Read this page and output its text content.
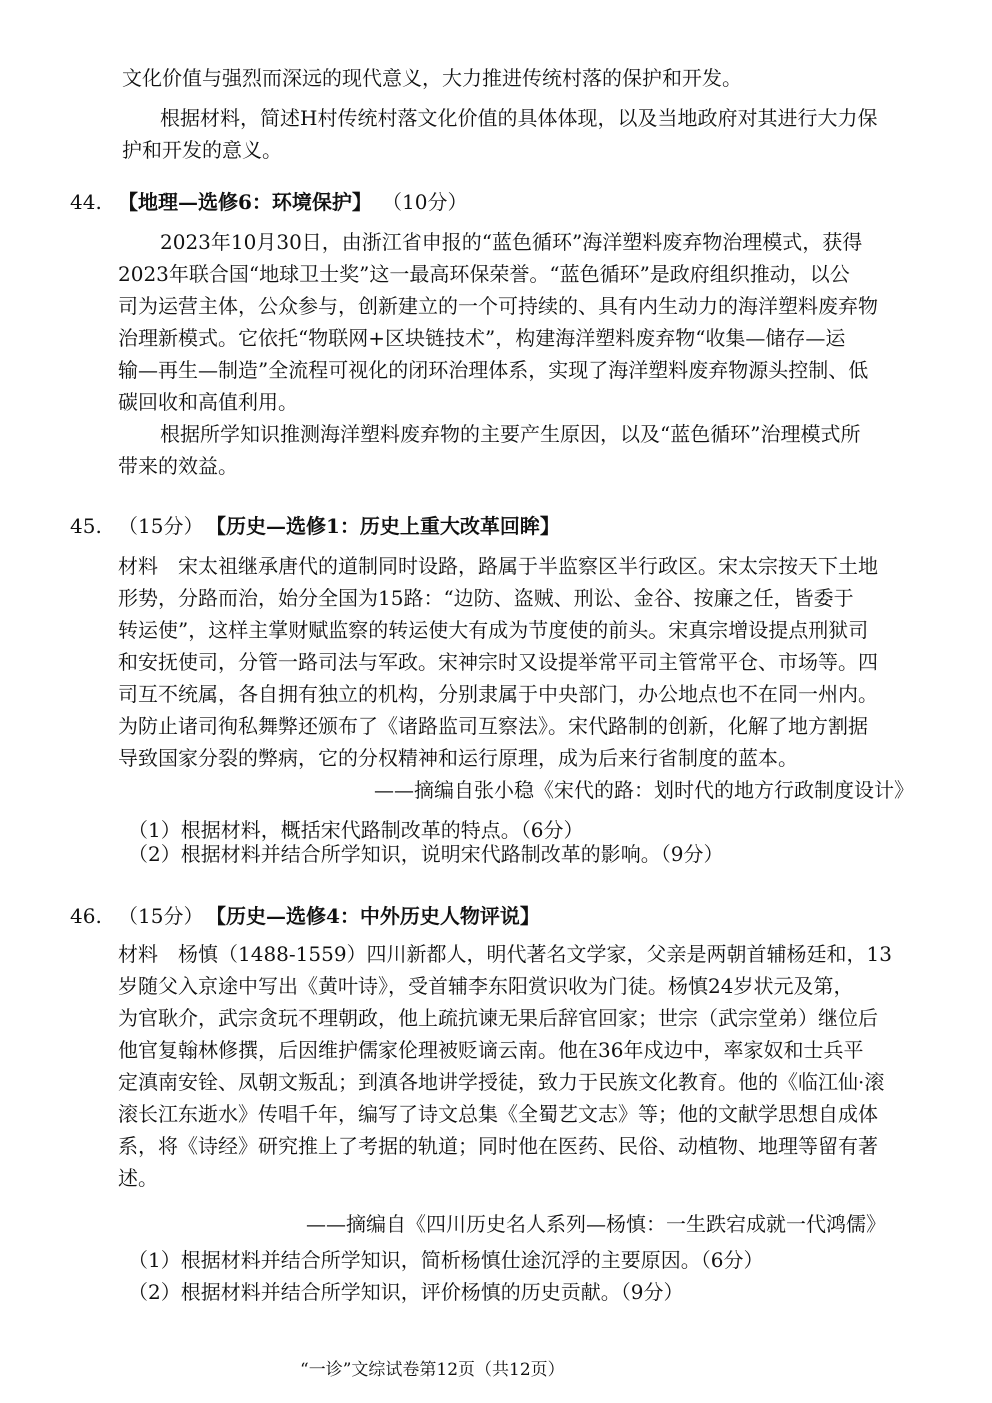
文化价值与强烈而深远的现代意义，大力推进传统村落的保护和开发。
根据材料，简述H村传统村落文化价值的具体体现，以及当地政府对其进行大力保
护和开发的意义。
44. 【地理—选修6：环境保护】 （10分）
2023年10月30日，由浙江省申报的“蓝色循环”海洋塑料废弃物治理模式，获得
2023年联合国“地球卫士奖”这一最高环保荣誉。“蓝色循环”是政府组织推动，以公
司为运营主体，公众参与，创新建立的一个可持续的、具有内生动力的海洋塑料废弃物
治理新模式。它依托“物联网+区块链技术”，构建海洋塑料废弃物“收集—储存—运
输—再生—制造”全流程可视化的闭环治理体系，实现了海洋塑料废弃物源头控制、低
碳回收和高值利用。
根据所学知识推测海洋塑料废弃物的主要产生原因，以及“蓝色循环”治理模式所
带来的效益。
45. （15分） 【历史—选修1：历史上重大改革回眸】
材料　宋太祖继承唐代的道制同时设路，路属于半监察区半行政区。宋太宗按天下土地
形势，分路而治，始分全国为15路：“边防、盗贼、刑讼、金谷、按廉之任，皆委于
转运使”，这样主掌财赋监察的转运使大有成为节度使的前头。宋真宗增设提点刑狱司
和安抚使司，分管一路司法与军政。宋神宗时又设提举常平司主管常平仓、市场等。四
司互不统属，各自拥有独立的机构，分别隶属于中央部门，办公地点也不在同一州内。
为防止诸司徇私舞弊还颁布了《诸路监司互察法》。宋代路制的创新，化解了地方割据
导致国家分裂的弊病，它的分权精神和运行原理，成为后来行省制度的蓝本。
——摘编自张小稳《宋代的路：划时代的地方行政制度设计》
（1）根据材料，概括宋代路制改革的特点。（6分）
（2）根据材料并结合所学知识，说明宋代路制改革的影响。（9分）
46. （15分） 【历史—选修4：中外历史人物评说】
材料　杨慎（1488-1559）四川新都人，明代著名文学家，父亲是两朝首辅杨廷和，13
岁随父入京途中写出《黄叶诗》，受首辅李东阳赏识收为门徒。杨慎24岁状元及第，
为官耿介，武宗贪玩不理朝政，他上疏抗谏无果后辞官回家；世宗（武宗堂弟）继位后
他官复翰林修撰，后因维护儒家伦理被贬谪云南。他在36年戍边中，率家奴和士兵平
定滇南安铨、凤朝文叛乱；到滇各地讲学授徒，致力于民族文化教育。他的《临江仙·滚
滚长江东逝水》传唱千年，编写了诗文总集《全蜀艺文志》等；他的文献学思想自成体
系，将《诗经》研究推上了考据的轨道；同时他在医药、民俗、动植物、地理等留有著
述。
——摘编自《四川历史名人系列—杨慎：一生跌宕成就一代鸿儒》
（1）根据材料并结合所学知识，简析杨慎仕途沉浮的主要原因。（6分）
（2）根据材料并结合所学知识，评价杨慎的历史贡献。（9分）
“一诊”文综试卷第12页（共12页）
